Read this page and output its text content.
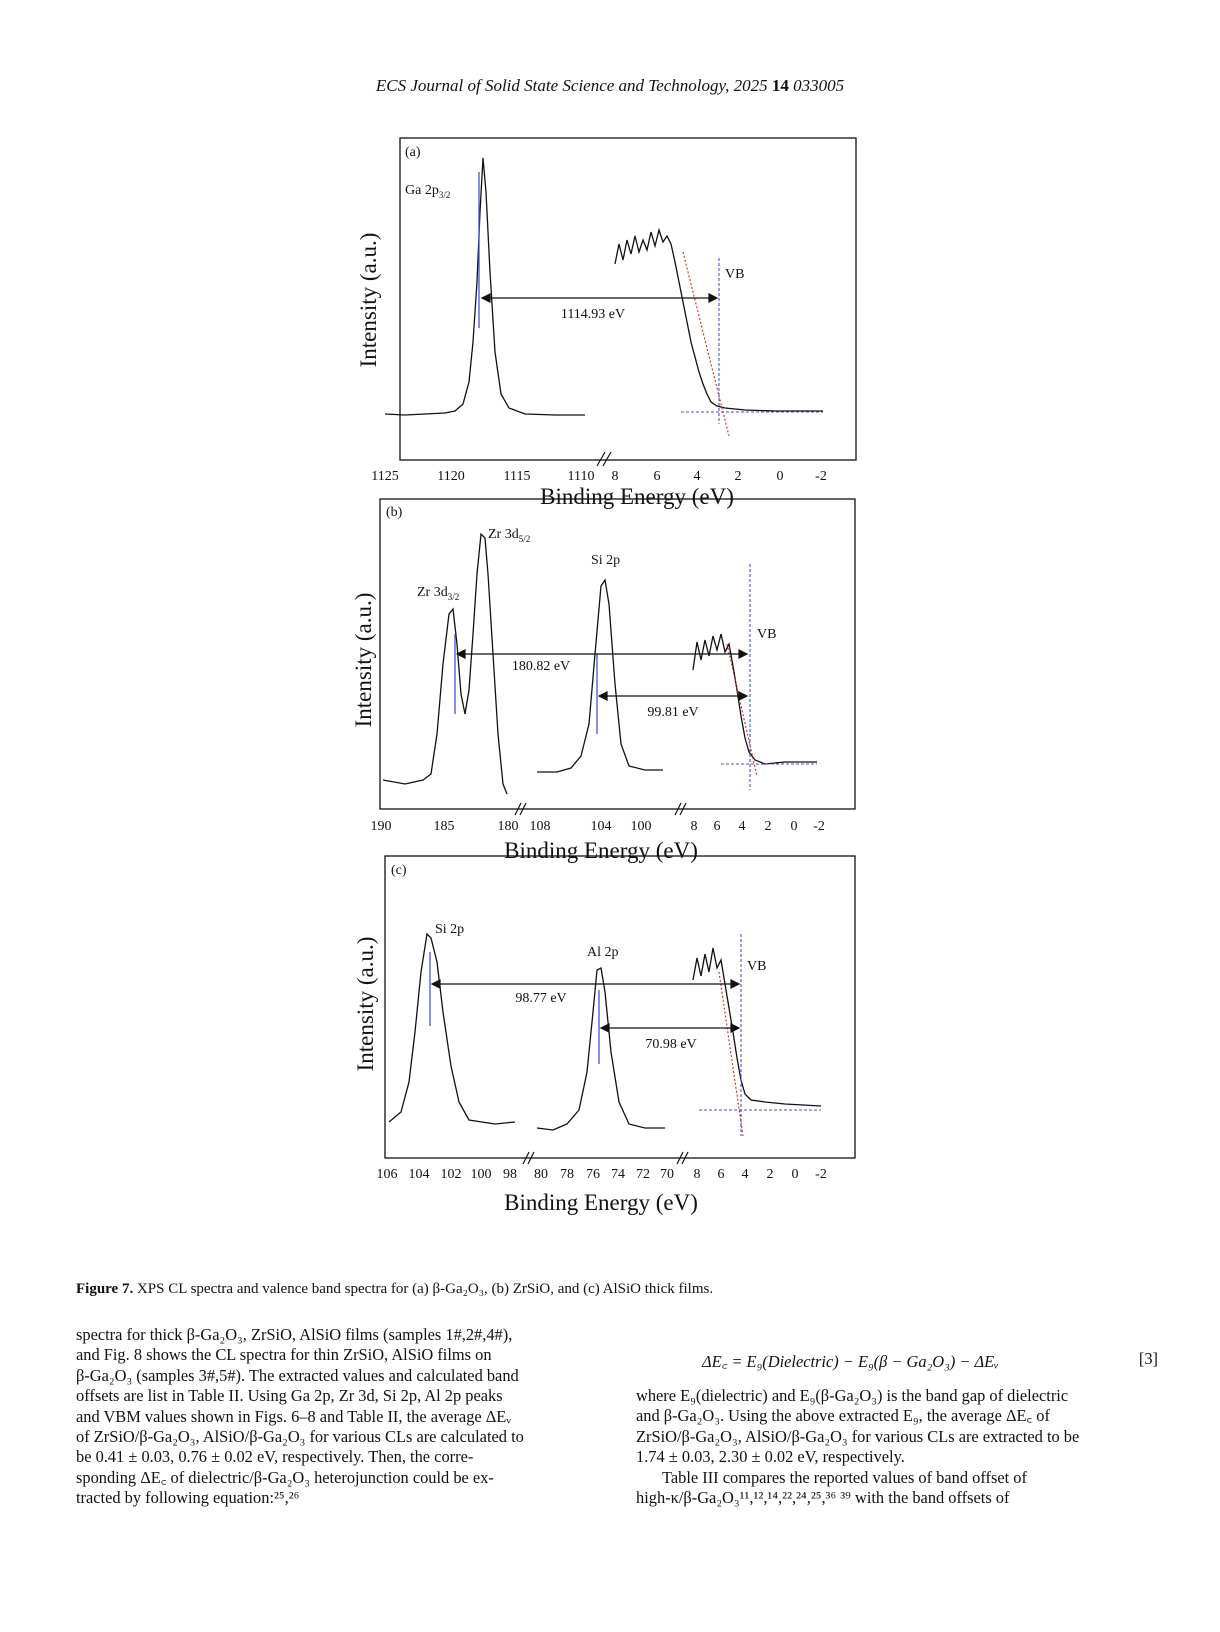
ECS Journal of Solid State Science and Technology, 2025 14 033005
(a)
Intensity (a.u.)
Binding Energy (eV)
1125	1120	1115	1110 8	6 4 2	0 -2
1114.93 eV
Ga $2p_{3/2}$
VB
(b)
Intensity (a.u.)
Binding Energy (eV)
190	185	180 108	104 100	8 6 4 2 0 -2
180.82 eV
99.81 eV
Zr $3d_{3/2}$
Zr $3d_{5/2}$
Si 2p
VB
(c)
Intensity (a.u.)
Binding Energy (eV)
106 104 102 100 98 80 78 76 74 72 70 8 6 4 2 0 -2
98.77 eV
70.98 eV
Si 2p
Al 2p
VB
Figure 7. XPS CL spectra and valence band spectra for (a) β-Ga₂O₃, (b) ZrSiO, and (c) AlSiO thick films.

spectra for thick β-Ga₂O₃, ZrSiO, AlSiO films (samples 1#,2#,4#),

and Fig. 8 shows the CL spectra for thin ZrSiO, AlSiO films on

β-Ga₂O₃ (samples 3#,5#). The extracted values and calculated band

offsets are list in Table II. Using Ga 2p, Zr 3d, Si 2p, Al 2p peaks

and VBM values shown in Figs. 6–8 and Table II, the average ΔEᵥ

of ZrSiO/β-Ga₂O₃, AlSiO/β-Ga₂O₃ for various CLs are calculated to

be 0.41 ± 0.03, 0.76 ± 0.02 eV, respectively. Then, the corre-

sponding ΔE꜀ of dielectric/β-Ga₂O₃ heterojunction could be ex-

tracted by following equation:²⁵,²⁶

ΔE꜀ = E₉(Dielectric) − E₉(β − Ga₂O₃) − ΔEᵥ	[3]

where E₉(dielectric) and E₉(β-Ga₂O₃) is the band gap of dielectric

and β-Ga₂O₃. Using the above extracted E₉, the average ΔE꜀ of

ZrSiO/β-Ga₂O₃, AlSiO/β-Ga₂O₃ for various CLs are extracted to be

1.74 ± 0.03, 2.30 ± 0.02 eV, respectively.

Table III compares the reported values of band offset of

high-κ/β-Ga₂O₃¹¹,¹²,¹⁴,²²,²⁴,²⁵,³⁶ ³⁹ with the band offsets of
